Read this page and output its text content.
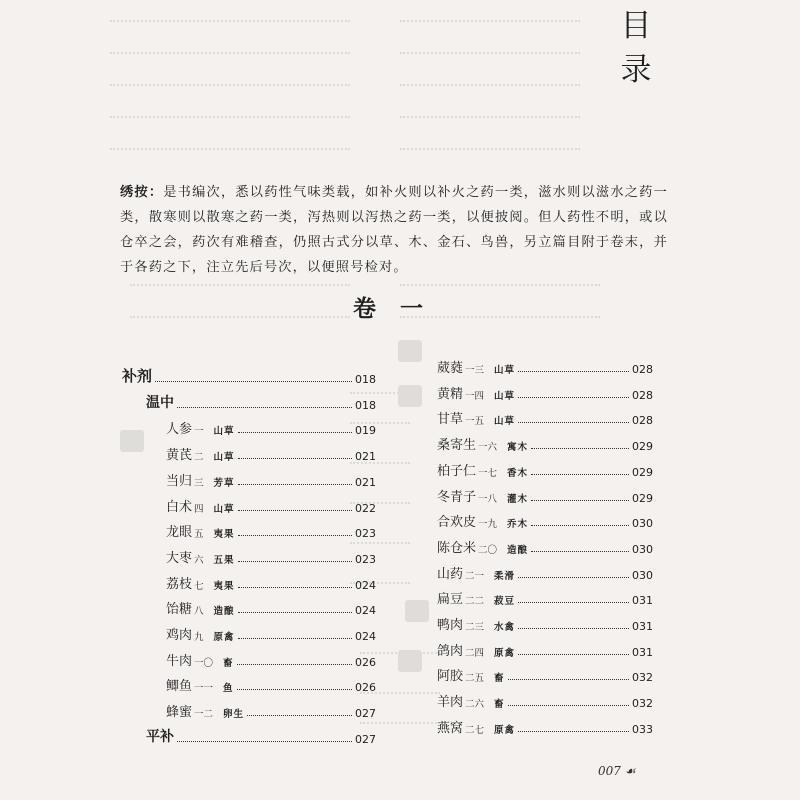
目
录
绣按：是书编次，悉以药性气味类载，如补火则以补火之药一类，滋水则以滋水之药一类，散寒则以散寒之药一类，泻热则以泻热之药一类，以便披阅。但人药性不明，或以仓卒之会，药次有难稽查，仍照古式分以草、木、金石、鸟兽，另立篇目附于卷末，并于各药之下，注立先后号次，以便照号检对。
卷一
补剂	018
温中	018
人参 一 山草	019
黄芪 二 山草	021
当归 三 芳草	021
白术 四 山草	022
龙眼 五 夷果	023
大枣 六 五果	023
荔枝 七 夷果	024
饴糖 八 造酿	024
鸡肉 九 原禽	024
牛肉 一〇 畜	026
鲫鱼 一一 鱼	026
蜂蜜 一二 卵生	027
平补	027
葳蕤 一三 山草	028
黄精 一四 山草	028
甘草 一五 山草	028
桑寄生 一六 寓木	029
柏子仁 一七 香木	029
冬青子 一八 灌木	029
合欢皮 一九 乔木	030
陈仓米 二〇 造酿	030
山药 二一 柔滑	030
扁豆 二二 菽豆	031
鸭肉 二三 水禽	031
鸽肉 二四 原禽	031
阿胶 二五 畜	032
羊肉 二六 畜	032
燕窝 二七 原禽	033
007 ☙
